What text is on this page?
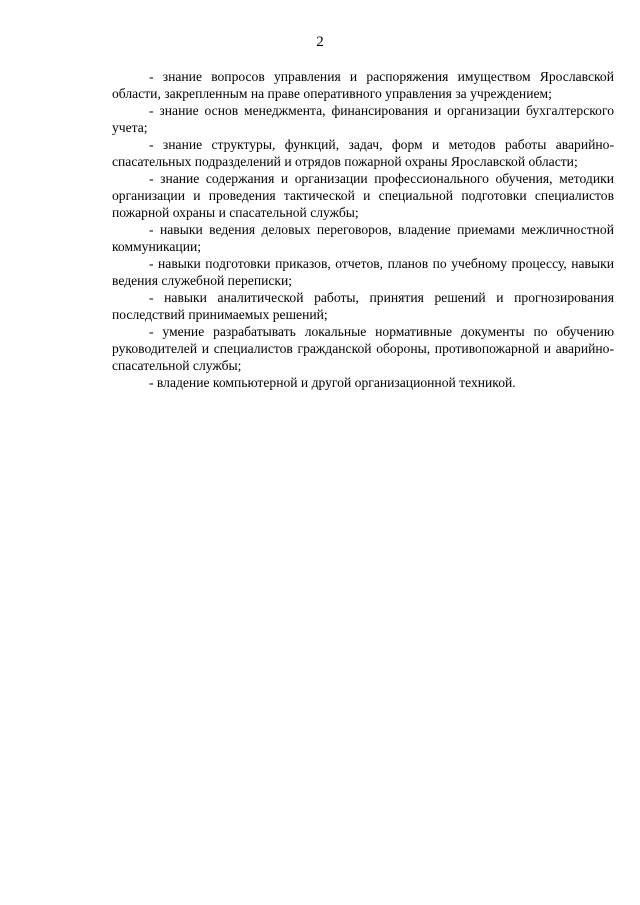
2

- знание вопросов управления и распоряжения имуществом Ярославской области, закрепленным на праве оперативного управления за учреждением;

- знание основ менеджмента, финансирования и организации бухгалтерского учета;

- знание структуры, функций, задач, форм и методов работы аварийно-спасательных подразделений и отрядов пожарной охраны Ярославской области;

- знание содержания и организации профессионального обучения, методики организации и проведения тактической и специальной подготовки специалистов пожарной охраны и спасательной службы;

- навыки ведения деловых переговоров, владение приемами межличностной коммуникации;

- навыки подготовки приказов, отчетов, планов по учебному процессу, навыки ведения служебной переписки;

- навыки аналитической работы, принятия решений и прогнозирования последствий принимаемых решений;

- умение разрабатывать локальные нормативные документы по обучению руководителей и специалистов гражданской обороны, противопожарной и аварийно-спасательной службы;

- владение компьютерной и другой организационной техникой.
